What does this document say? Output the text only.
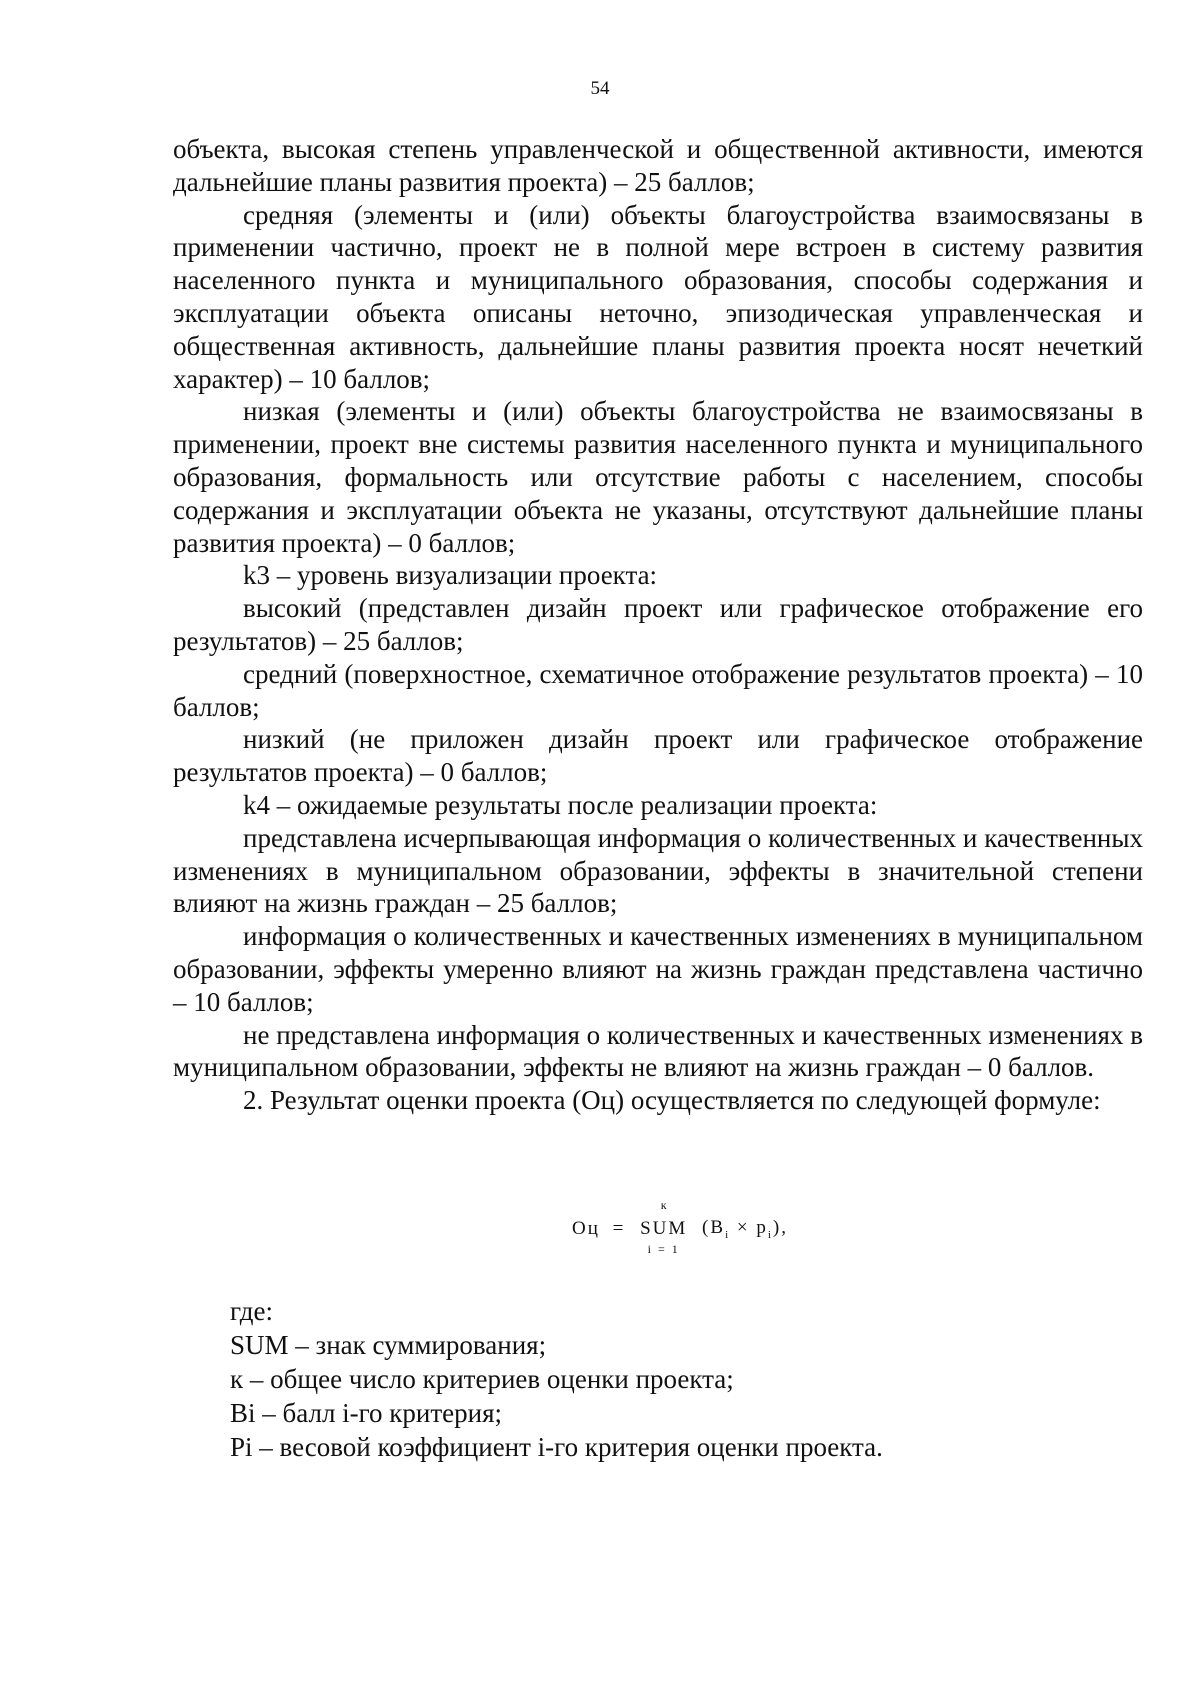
54

объекта, высокая степень управленческой и общественной активности, имеются дальнейшие планы развития проекта) – 25 баллов;

средняя (элементы и (или) объекты благоустройства взаимосвязаны в применении частично, проект не в полной мере встроен в систему развития населенного пункта и муниципального образования, способы содержания и эксплуатации объекта описаны неточно, эпизодическая управленческая и общественная активность, дальнейшие планы развития проекта носят нечеткий характер) – 10 баллов;

низкая (элементы и (или) объекты благоустройства не взаимосвязаны в применении, проект вне системы развития населенного пункта и муниципального образования, формальность или отсутствие работы с населением, способы содержания и эксплуатации объекта не указаны, отсутствуют дальнейшие планы развития проекта) – 0 баллов;

k3 – уровень визуализации проекта:

высокий (представлен дизайн проект или графическое отображение его результатов) – 25 баллов;

средний (поверхностное, схематичное отображение результатов проекта) – 10 баллов;

низкий (не приложен дизайн проект или графическое отображение результатов проекта) – 0 баллов;

k4 – ожидаемые результаты после реализации проекта:

представлена исчерпывающая информация о количественных и качественных изменениях в муниципальном образовании, эффекты в значительной степени влияют на жизнь граждан – 25 баллов;

информация о количественных и качественных изменениях в муниципальном образовании, эффекты умеренно влияют на жизнь граждан представлена частично – 10 баллов;

не представлена информация о количественных и качественных изменениях в муниципальном образовании, эффекты не влияют на жизнь граждан – 0 баллов.

2. Результат оценки проекта (Оц) осуществляется по следующей формуле:

Оц =
к
SUM
i = 1
$(B_i \times p_i)$,
где:
SUM – знак суммирования;
к – общее число критериев оценки проекта;
Bi – балл i-го критерия;
Pi – весовой коэффициент i-го критерия оценки проекта.
